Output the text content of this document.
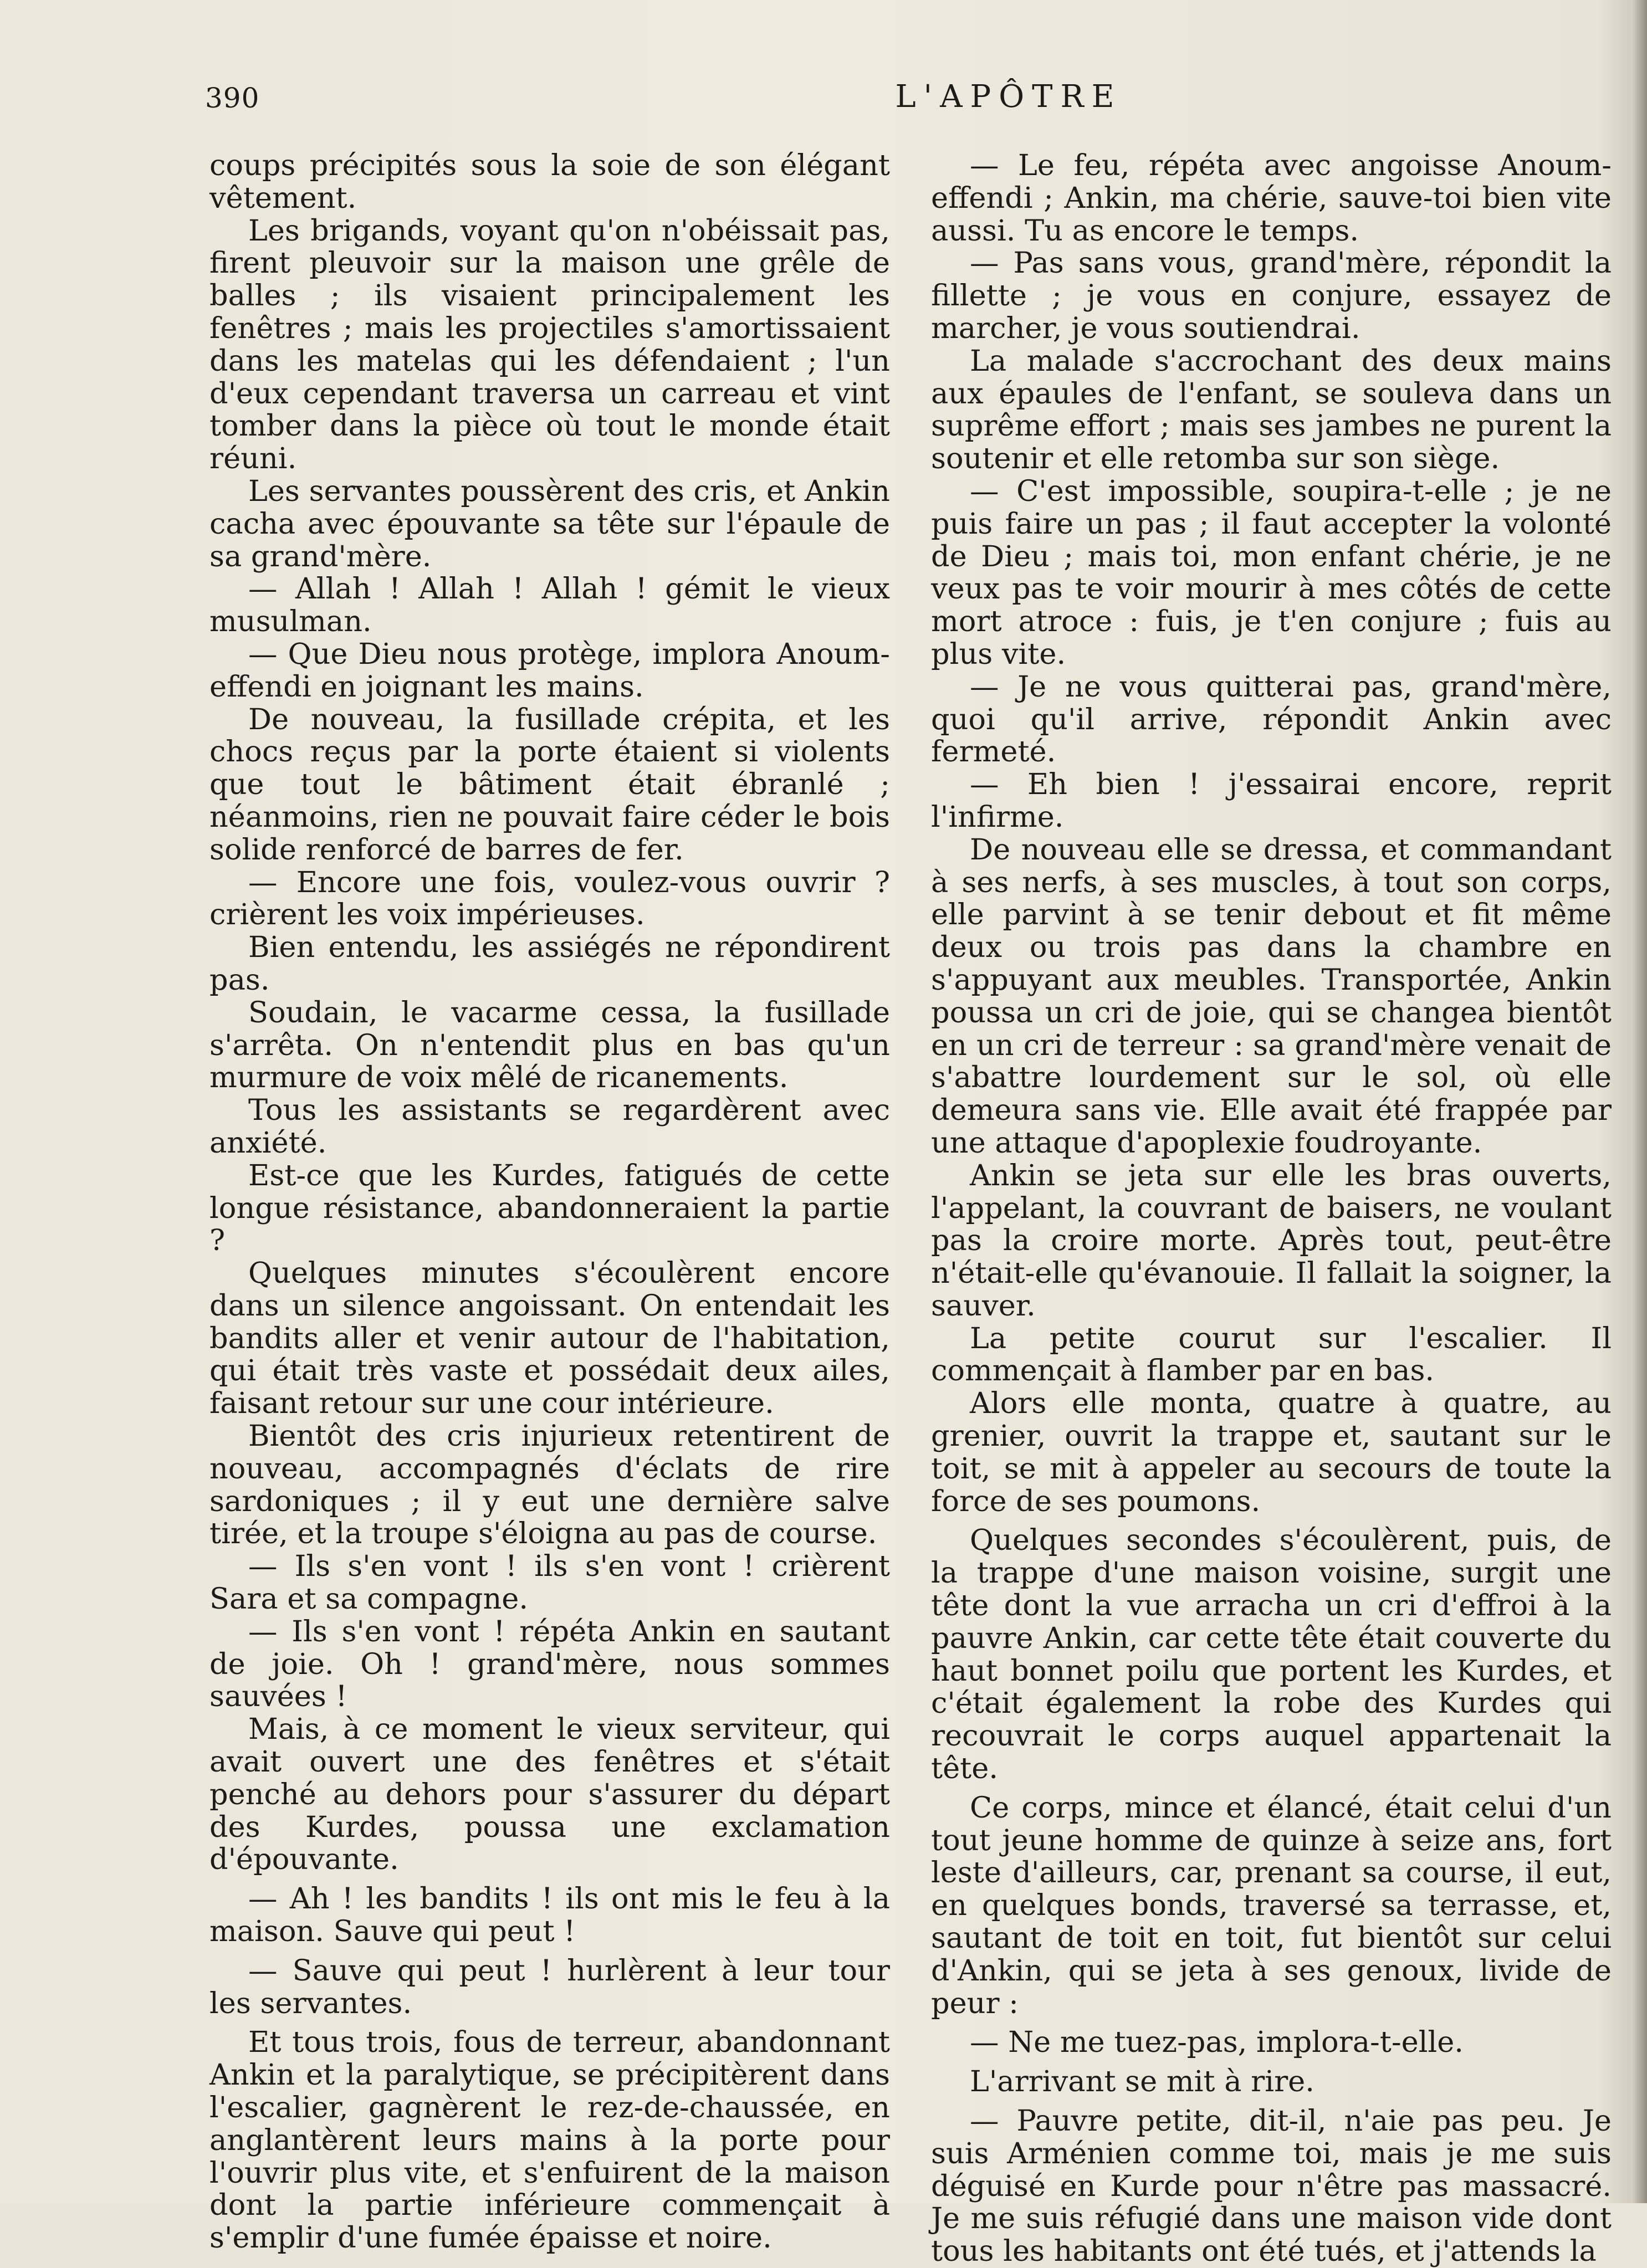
390	L'APÔTRE

coups précipités sous la soie de son élégant vêtement.

Les brigands, voyant qu'on n'obéissait pas, firent pleuvoir sur la maison une grêle de balles ; ils visaient principalement les fenêtres ; mais les projectiles s'amortissaient dans les matelas qui les défendaient ; l'un d'eux cependant traversa un carreau et vint tomber dans la pièce où tout le monde était réuni.

Les servantes poussèrent des cris, et Ankin cacha avec épouvante sa tête sur l'épaule de sa grand'mère.

— Allah ! Allah ! Allah ! gémit le vieux musulman.

— Que Dieu nous protège, implora Anoum-effendi en joignant les mains.

De nouveau, la fusillade crépita, et les chocs reçus par la porte étaient si violents que tout le bâtiment était ébranlé ; néanmoins, rien ne pouvait faire céder le bois solide renforcé de barres de fer.

— Encore une fois, voulez-vous ouvrir ? crièrent les voix impérieuses.

Bien entendu, les assiégés ne répondirent pas.

Soudain, le vacarme cessa, la fusillade s'arrêta. On n'entendit plus en bas qu'un murmure de voix mêlé de ricanements.

Tous les assistants se regardèrent avec anxiété.

Est-ce que les Kurdes, fatigués de cette longue résistance, abandonneraient la partie ?

Quelques minutes s'écoulèrent encore dans un silence angoissant. On entendait les bandits aller et venir autour de l'habitation, qui était très vaste et possédait deux ailes, faisant retour sur une cour intérieure.

Bientôt des cris injurieux retentirent de nouveau, accompagnés d'éclats de rire sardoniques ; il y eut une dernière salve tirée, et la troupe s'éloigna au pas de course.

— Ils s'en vont ! ils s'en vont ! crièrent Sara et sa compagne.

— Ils s'en vont ! répéta Ankin en sautant de joie. Oh ! grand'mère, nous sommes sauvées !

Mais, à ce moment le vieux serviteur, qui avait ouvert une des fenêtres et s'était penché au dehors pour s'assurer du départ des Kurdes, poussa une exclamation d'épouvante.

— Ah ! les bandits ! ils ont mis le feu à la maison. Sauve qui peut !

— Sauve qui peut ! hurlèrent à leur tour les servantes.

Et tous trois, fous de terreur, abandonnant Ankin et la paralytique, se précipitèrent dans l'escalier, gagnèrent le rez-de-chaussée, en anglantèrent leurs mains à la porte pour l'ouvrir plus vite, et s'enfuirent de la maison dont la partie inférieure commençait à s'emplir d'une fumée épaisse et noire.

— Le feu, répéta avec angoisse Anoum-effendi ; Ankin, ma chérie, sauve-toi bien vite aussi. Tu as encore le temps.

— Pas sans vous, grand'mère, répondit la fillette ; je vous en conjure, essayez de marcher, je vous soutiendrai.

La malade s'accrochant des deux mains aux épaules de l'enfant, se souleva dans un suprême effort ; mais ses jambes ne purent la soutenir et elle retomba sur son siège.

— C'est impossible, soupira-t-elle ; je ne puis faire un pas ; il faut accepter la volonté de Dieu ; mais toi, mon enfant chérie, je ne veux pas te voir mourir à mes côtés de cette mort atroce : fuis, je t'en conjure ; fuis au plus vite.

— Je ne vous quitterai pas, grand'mère, quoi qu'il arrive, répondit Ankin avec fermeté.

— Eh bien ! j'essairai encore, reprit l'infirme.

De nouveau elle se dressa, et commandant à ses nerfs, à ses muscles, à tout son corps, elle parvint à se tenir debout et fit même deux ou trois pas dans la chambre en s'appuyant aux meubles. Transportée, Ankin poussa un cri de joie, qui se changea bientôt en un cri de terreur : sa grand'mère venait de s'abattre lourdement sur le sol, où elle demeura sans vie. Elle avait été frappée par une attaque d'apoplexie foudroyante.

Ankin se jeta sur elle les bras ouverts, l'appelant, la couvrant de baisers, ne voulant pas la croire morte. Après tout, peut-être n'était-elle qu'évanouie. Il fallait la soigner, la sauver.

La petite courut sur l'escalier. Il commençait à flamber par en bas.

Alors elle monta, quatre à quatre, au grenier, ouvrit la trappe et, sautant sur le toit, se mit à appeler au secours de toute la force de ses poumons.

Quelques secondes s'écoulèrent, puis, de la trappe d'une maison voisine, surgit une tête dont la vue arracha un cri d'effroi à la pauvre Ankin, car cette tête était couverte du haut bonnet poilu que portent les Kurdes, et c'était également la robe des Kurdes qui recouvrait le corps auquel appartenait la tête.

Ce corps, mince et élancé, était celui d'un tout jeune homme de quinze à seize ans, fort leste d'ailleurs, car, prenant sa course, il eut, en quelques bonds, traversé sa terrasse, et, sautant de toit en toit, fut bientôt sur celui d'Ankin, qui se jeta à ses genoux, livide de peur :

— Ne me tuez-pas, implora-t-elle.

L'arrivant se mit à rire.

— Pauvre petite, dit-il, n'aie pas peu. Je suis Arménien comme toi, mais je me suis déguisé en Kurde pour n'être pas massacré. Je me suis réfugié dans une maison vide dont tous les habitants ont été tués, et j'attends la
